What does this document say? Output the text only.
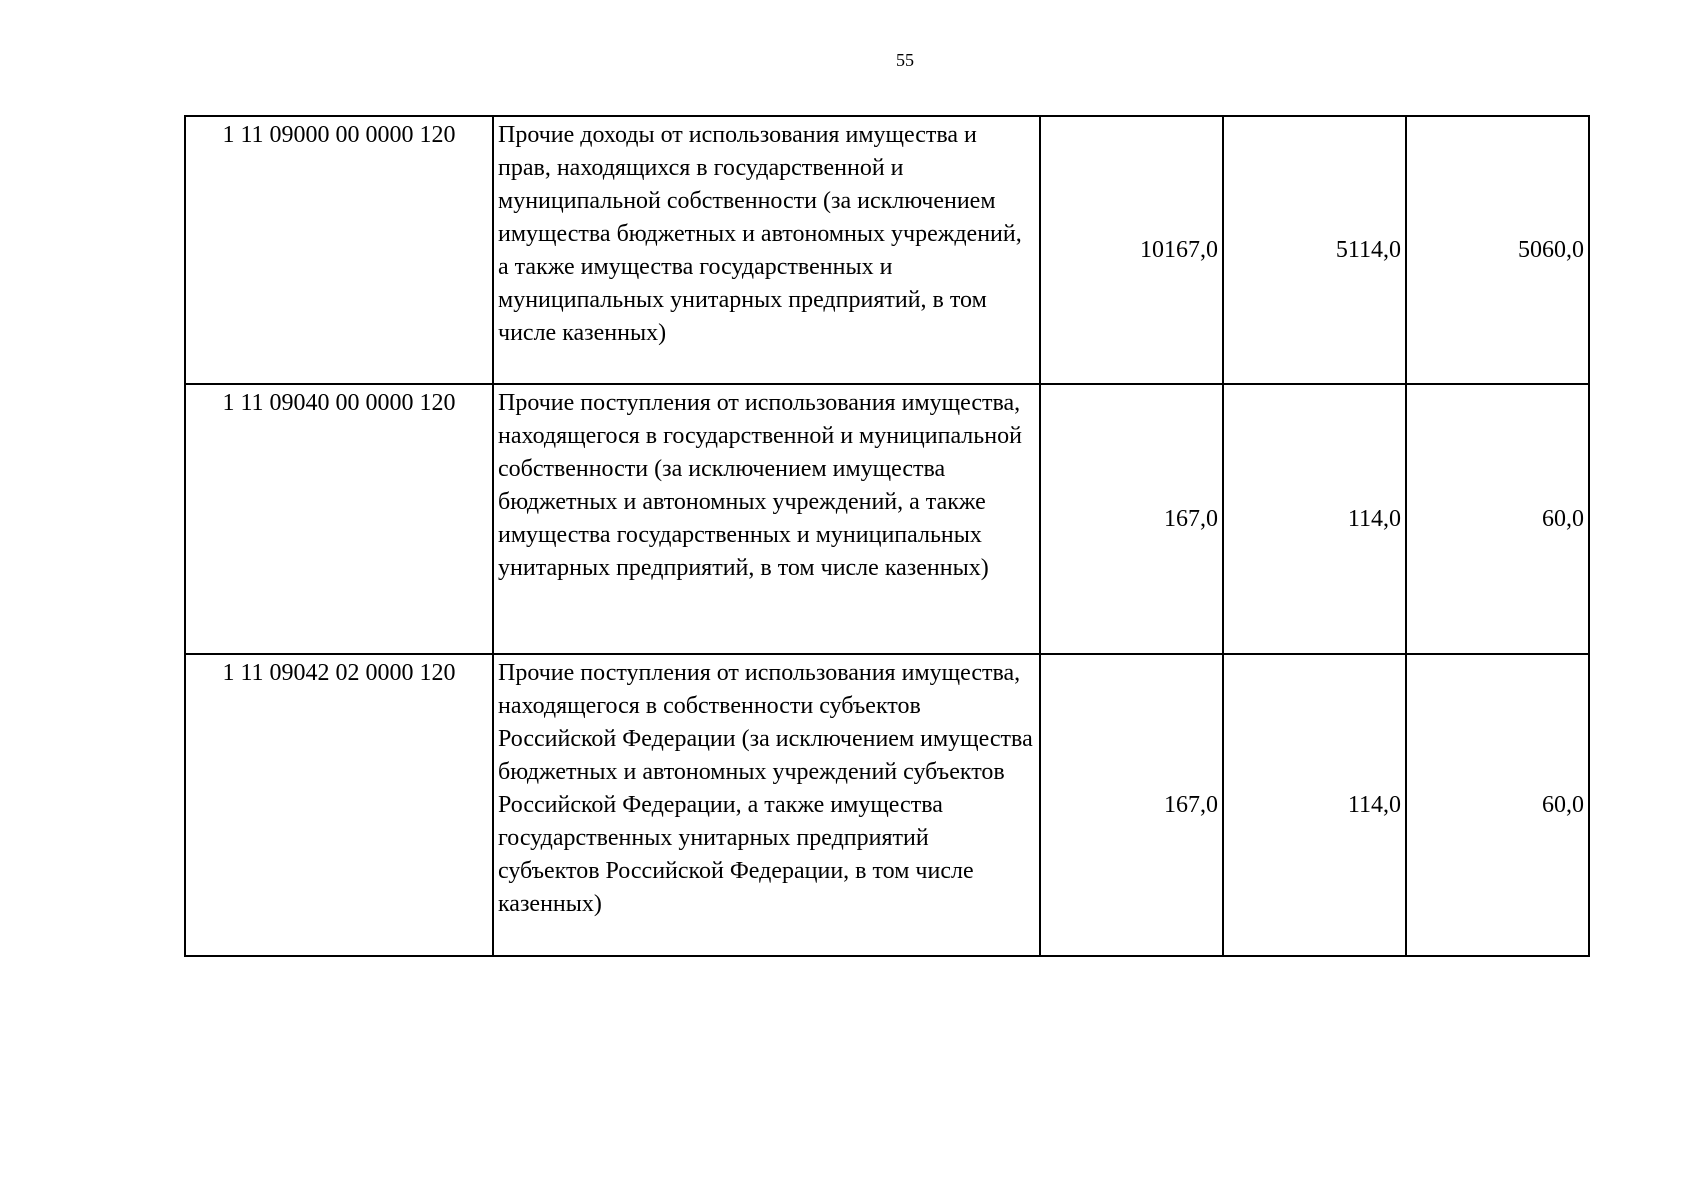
55
1 11 09000 00 0000 120	Прочие доходы от использования имущества и прав, находящихся в государственной и муниципальной собственности (за исключением имущества бюджетных и автономных учреждений, а также имущества государственных и муниципальных унитарных предприятий, в том числе казенных)	10167,0	5114,0	5060,0
1 11 09040 00 0000 120	Прочие поступления от использования имущества, находящегося в государственной и муниципальной собственности (за исключением имущества бюджетных и автономных учреждений, а также имущества государственных и муниципальных унитарных предприятий, в том числе казенных)	167,0	114,0	60,0
1 11 09042 02 0000 120	Прочие поступления от использования имущества, находящегося в собственности субъектов Российской Федерации (за исключением имущества бюджетных и автономных учреждений субъектов Российской Федерации, а также имущества государственных унитарных предприятий субъектов Российской Федерации, в том числе казенных)	167,0	114,0	60,0
